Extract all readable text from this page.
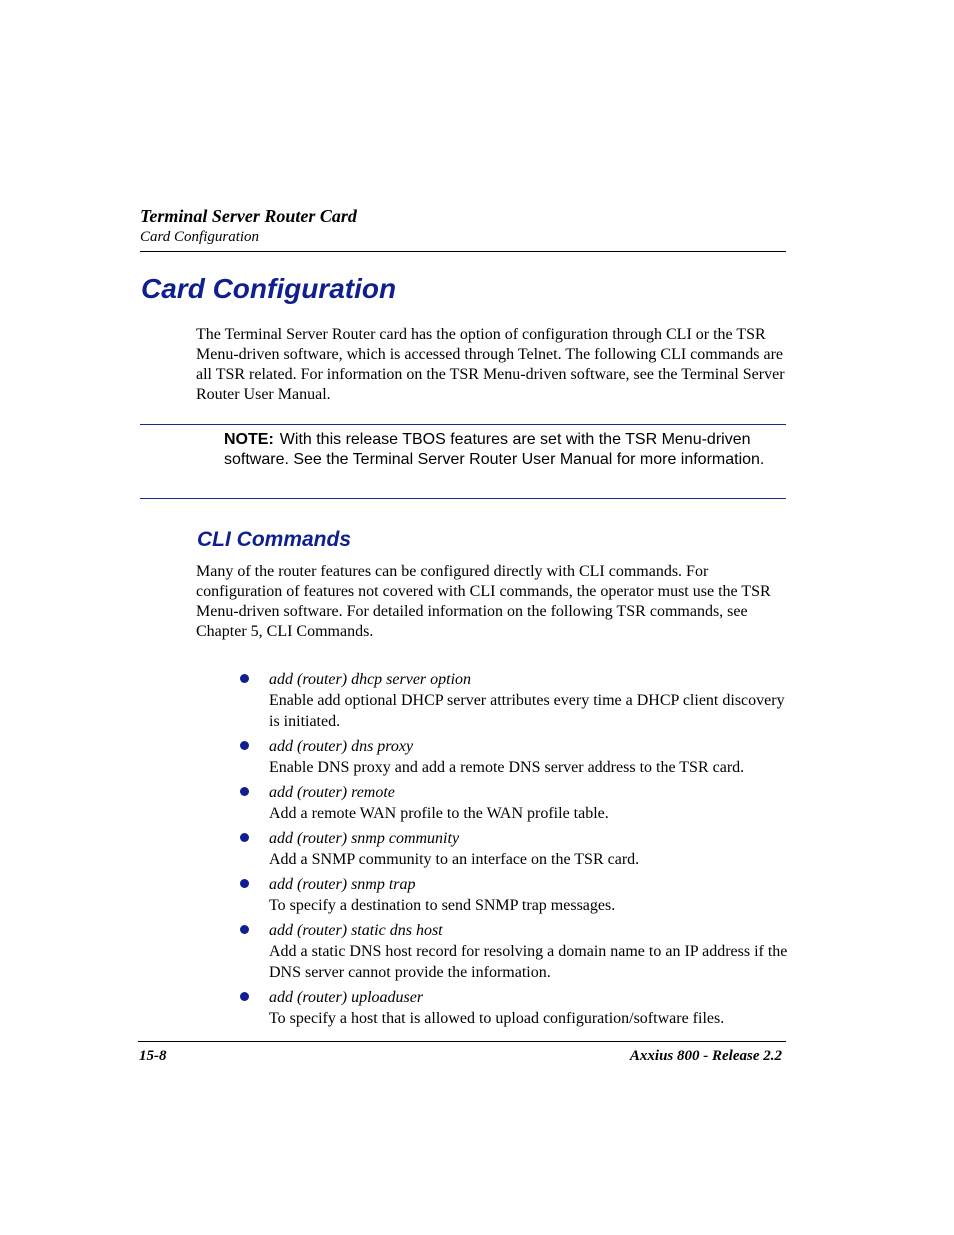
Terminal Server Router Card
Card Configuration
Card Configuration

The Terminal Server Router card has the option of configuration through CLI or the TSR Menu-driven software, which is accessed through Telnet. The following CLI commands are all TSR related. For information on the TSR Menu-driven software, see the Terminal Server Router User Manual.

NOTE: With this release TBOS features are set with the TSR Menu-driven software. See the Terminal Server Router User Manual for more information.

CLI Commands

Many of the router features can be configured directly with CLI commands. For configuration of features not covered with CLI commands, the operator must use the TSR Menu-driven software. For detailed information on the following TSR commands, see Chapter 5, CLI Commands.

add (router) dhcp server option
Enable add optional DHCP server attributes every time a DHCP client discovery is initiated.
add (router) dns proxy
Enable DNS proxy and add a remote DNS server address to the TSR card.
add (router) remote
Add a remote WAN profile to the WAN profile table.
add (router) snmp community
Add a SNMP community to an interface on the TSR card.
add (router) snmp trap
To specify a destination to send SNMP trap messages.
add (router) static dns host
Add a static DNS host record for resolving a domain name to an IP address if the DNS server cannot provide the information.
add (router) uploaduser
To specify a host that is allowed to upload configuration/software files.
15-8	Axxius 800 - Release 2.2
